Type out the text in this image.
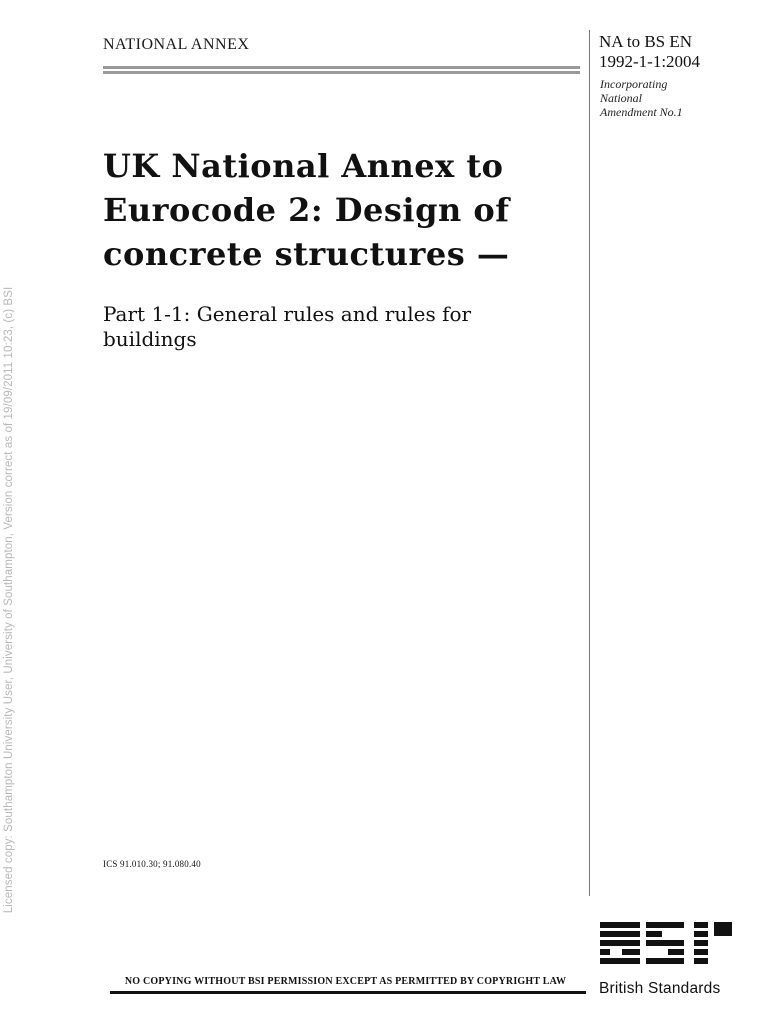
Licensed copy: Southampton University User, University of Southampton, Version correct as of 19/09/2011 10:23, (c) BSI
NATIONAL ANNEX	NA to BS EN
1992-1-1:2004
Incorporating
National
Amendment No.1
UK National Annex to
Eurocode 2: Design of
concrete structures —
Part 1-1: General rules and rules for
buildings
ICS 91.010.30; 91.080.40
NO COPYING WITHOUT BSI PERMISSION EXCEPT AS PERMITTED BY COPYRIGHT LAW	British Standards
